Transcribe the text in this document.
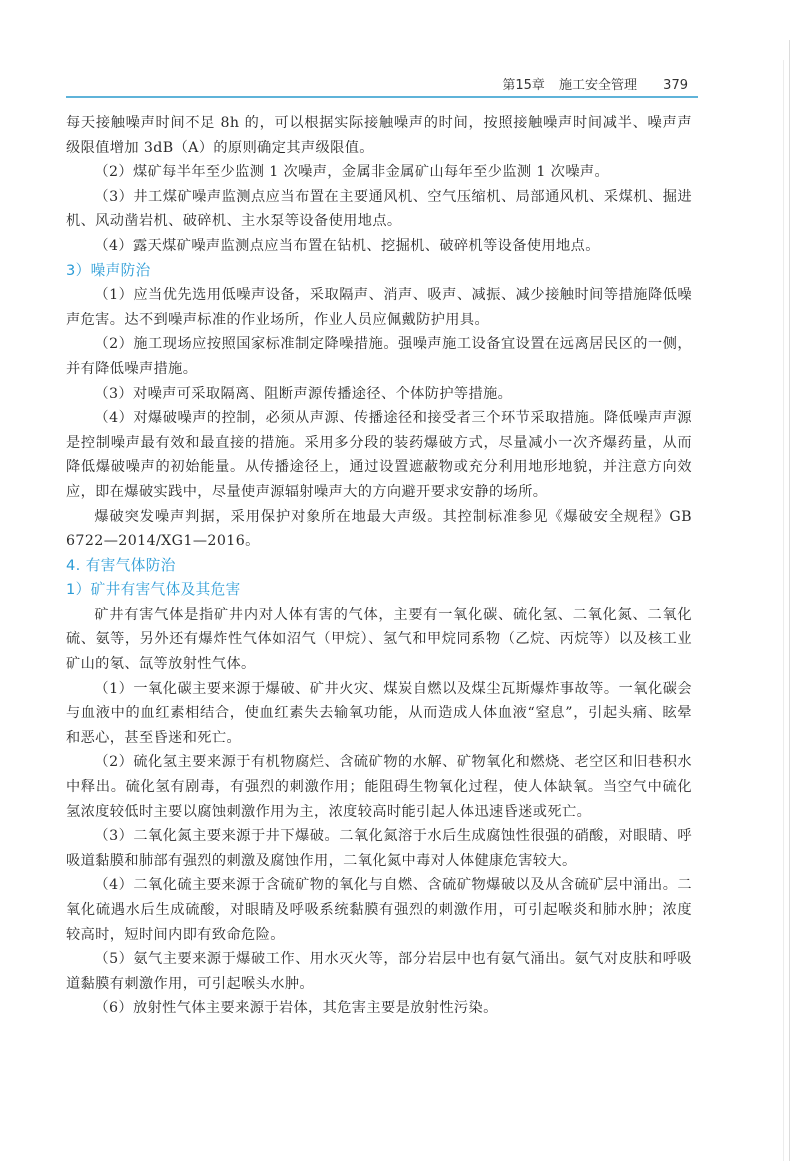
第15章 施工安全管理 379

每天接触噪声时间不足 8h 的，可以根据实际接触噪声的时间，按照接触噪声时间减半、噪声声级限值增加 3dB（A）的原则确定其声级限值。

（2）煤矿每半年至少监测 1 次噪声，金属非金属矿山每年至少监测 1 次噪声。

（3）井工煤矿噪声监测点应当布置在主要通风机、空气压缩机、局部通风机、采煤机、掘进机、风动凿岩机、破碎机、主水泵等设备使用地点。

（4）露天煤矿噪声监测点应当布置在钻机、挖掘机、破碎机等设备使用地点。

3）噪声防治

（1）应当优先选用低噪声设备，采取隔声、消声、吸声、减振、减少接触时间等措施降低噪声危害。达不到噪声标准的作业场所，作业人员应佩戴防护用具。

（2）施工现场应按照国家标准制定降噪措施。强噪声施工设备宜设置在远离居民区的一侧，并有降低噪声措施。

（3）对噪声可采取隔离、阻断声源传播途径、个体防护等措施。

（4）对爆破噪声的控制，必须从声源、传播途径和接受者三个环节采取措施。降低噪声声源是控制噪声最有效和最直接的措施。采用多分段的装药爆破方式，尽量减小一次齐爆药量，从而降低爆破噪声的初始能量。从传播途径上，通过设置遮蔽物或充分利用地形地貌，并注意方向效应，即在爆破实践中，尽量使声源辐射噪声大的方向避开要求安静的场所。

爆破突发噪声判据，采用保护对象所在地最大声级。其控制标准参见《爆破安全规程》GB 6722—2014/XG1—2016。

4. 有害气体防治
1）矿井有害气体及其危害

矿井有害气体是指矿井内对人体有害的气体，主要有一氧化碳、硫化氢、二氧化氮、二氧化硫、氨等，另外还有爆炸性气体如沼气（甲烷）、氢气和甲烷同系物（乙烷、丙烷等）以及核工业矿山的氡、氙等放射性气体。

（1）一氧化碳主要来源于爆破、矿井火灾、煤炭自燃以及煤尘瓦斯爆炸事故等。一氧化碳会与血液中的血红素相结合，使血红素失去输氧功能，从而造成人体血液“窒息”，引起头痛、眩晕和恶心，甚至昏迷和死亡。

（2）硫化氢主要来源于有机物腐烂、含硫矿物的水解、矿物氧化和燃烧、老空区和旧巷积水中释出。硫化氢有剧毒，有强烈的刺激作用；能阻碍生物氧化过程，使人体缺氧。当空气中硫化氢浓度较低时主要以腐蚀刺激作用为主，浓度较高时能引起人体迅速昏迷或死亡。

（3）二氧化氮主要来源于井下爆破。二氧化氮溶于水后生成腐蚀性很强的硝酸，对眼睛、呼吸道黏膜和肺部有强烈的刺激及腐蚀作用，二氧化氮中毒对人体健康危害较大。

（4）二氧化硫主要来源于含硫矿物的氧化与自燃、含硫矿物爆破以及从含硫矿层中涌出。二氧化硫遇水后生成硫酸，对眼睛及呼吸系统黏膜有强烈的刺激作用，可引起喉炎和肺水肿；浓度较高时，短时间内即有致命危险。

（5）氨气主要来源于爆破工作、用水灭火等，部分岩层中也有氨气涌出。氨气对皮肤和呼吸道黏膜有刺激作用，可引起喉头水肿。

（6）放射性气体主要来源于岩体，其危害主要是放射性污染。
